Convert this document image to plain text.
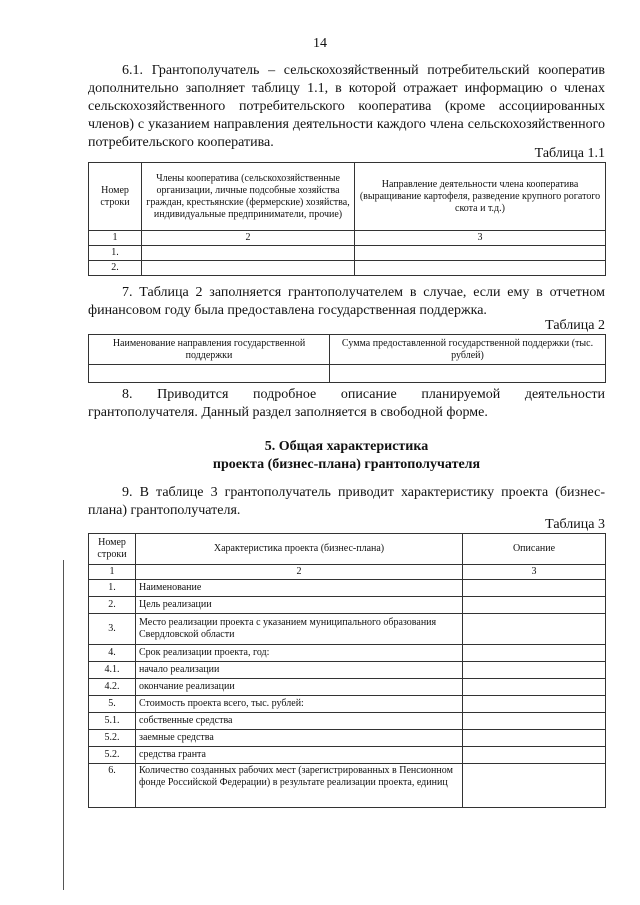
14
6.1. Грантополучатель – сельскохозяйственный потребительский кооператив дополнительно заполняет таблицу 1.1, в которой отражает информацию о членах сельскохозяйственного потребительского кооператива (кроме ассоциированных членов) с указанием направления деятельности каждого члена сельскохозяйственного потребительского кооператива.
Таблица 1.1
Номер строки	Члены кооператива (сельскохозяйственные организации, личные подсобные хозяйства граждан, крестьянские (фермерские) хозяйства, индивидуальные предприниматели, прочие)	Направление деятельности члена кооператива (выращивание картофеля, разведение крупного рогатого скота и т.д.)
1	2	3
1.		
2.		
7. Таблица 2 заполняется грантополучателем в случае, если ему в отчетном финансовом году была предоставлена государственная поддержка.
Таблица 2
Наименование направления государственной поддержки	Сумма предоставленной государственной поддержки (тыс. рублей)

8. Приводится подробное описание планируемой деятельности грантополучателя. Данный раздел заполняется в свободной форме.
5. Общая характеристика
проекта (бизнес-плана) грантополучателя
9. В таблице 3 грантополучатель приводит характеристику проекта (бизнес-плана) грантополучателя.
Таблица 3
Номер строки	Характеристика проекта (бизнес-плана)	Описание
1	2	3
1.	Наименование	
2.	Цель реализации	
3.	Место реализации проекта с указанием муниципального образования Свердловской области	
4.	Срок реализации проекта, год:	
4.1.	начало реализации	
4.2.	окончание реализации	
5.	Стоимость проекта всего, тыс. рублей:	
5.1.	собственные средства	
5.2.	заемные средства	
5.2.	средства гранта	
6.	Количество созданных рабочих мест (зарегистрированных в Пенсионном фонде Российской Федерации) в результате реализации проекта, единиц	
